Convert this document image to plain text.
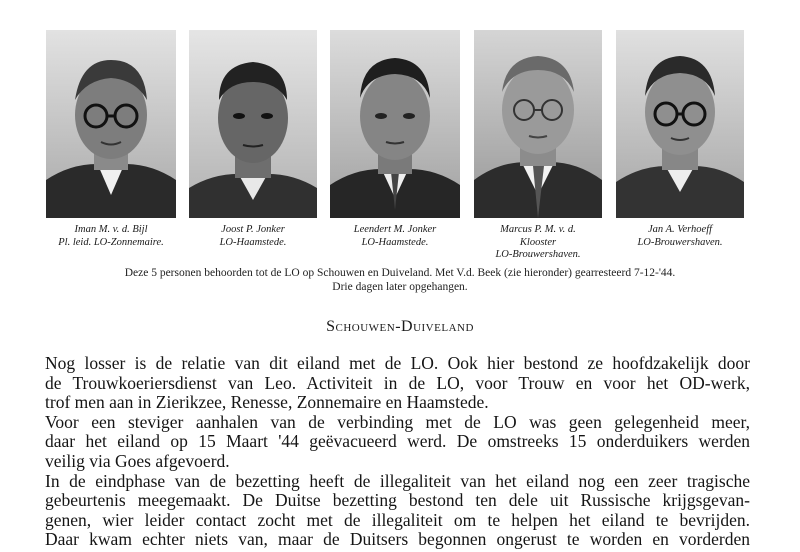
Iman M. v. d. Bijl
Pl. leid. LO-Zonnemaire.
Joost P. Jonker
LO-Haamstede.
Leendert M. Jonker
LO-Haamstede.
Marcus P. M. v. d.
Klooster
LO-Brouwershaven.
Jan A. Verhoeff
LO-Brouwershaven.
Deze 5 personen behoorden tot de LO op Schouwen en Duiveland. Met V.d. Beek (zie hieronder) gearresteerd 7-12-'44.
Drie dagen later opgehangen.
Schouwen-Duiveland
Nog losser is de relatie van dit eiland met de LO. Ook hier bestond ze hoofdzakelijk door
de Trouwkoeriersdienst van Leo. Activiteit in de LO, voor Trouw en voor het OD-werk,
trof men aan in Zierikzee, Renesse, Zonnemaire en Haamstede.
Voor een steviger aanhalen van de verbinding met de LO was geen gelegenheid meer,
daar het eiland op 15 Maart '44 geëvacueerd werd. De omstreeks 15 onderduikers werden
veilig via Goes afgevoerd.
In de eindphase van de bezetting heeft de illegaliteit van het eiland nog een zeer tragische
gebeurtenis meegemaakt. De Duitse bezetting bestond ten dele uit Russische krijgsgevan-
genen, wier leider contact zocht met de illegaliteit om te helpen het eiland te bevrijden.
Daar kwam echter niets van, maar de Duitsers begonnen ongerust te worden en vorderden
